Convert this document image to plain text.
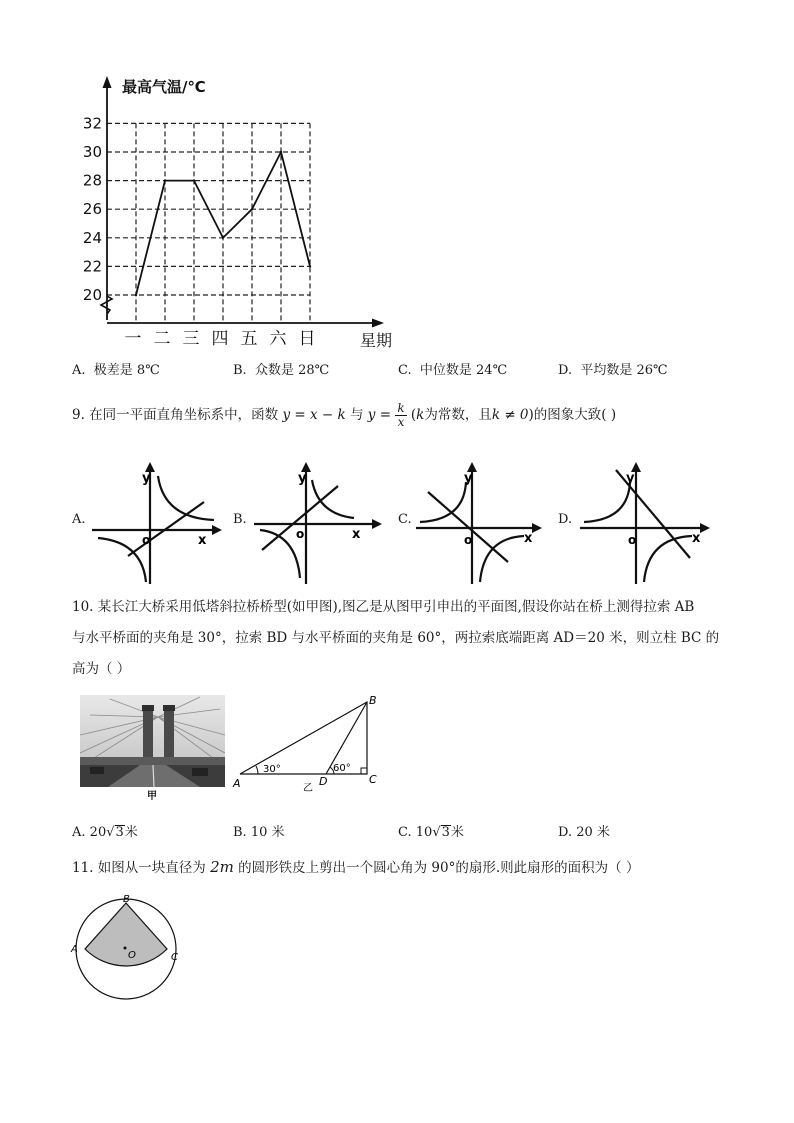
20
22
24
26
28
30
32
一 二 三 四 五 六 日
最高气温/℃
星期
A. 极差是 8℃	B. 众数是 28℃	C. 中位数是 24℃	D. 平均数是 26℃
9. 在同一平面直角坐标系中，函数 y = x − k 与 $y = \frac{k}{x} (k$为常数，且k ≠ 0)的图象大致( )
A.
y
x
o
B.
y
x
o
C.
y
x
o
D.
y
x
o
10. 某长江大桥采用低塔斜拉桥桥型(如甲图),图乙是从图甲引申出的平面图,假设你站在桥上测得拉索 AB
与水平桥面的夹角是 30°，拉索 BD 与水平桥面的夹角是 60°，两拉索底端距离 AD＝20 米，则立柱 BC 的
高为（ ）
甲
A
B
C
D
30°	60°
乙
A. 20√3米	B. 10 米	C. 10√3米	D. 20 米
11. 如图从一块直径为 2m 的圆形铁皮上剪出一个圆心角为 90°的扇形.则此扇形的面积为（ ）
B
A
C
O
